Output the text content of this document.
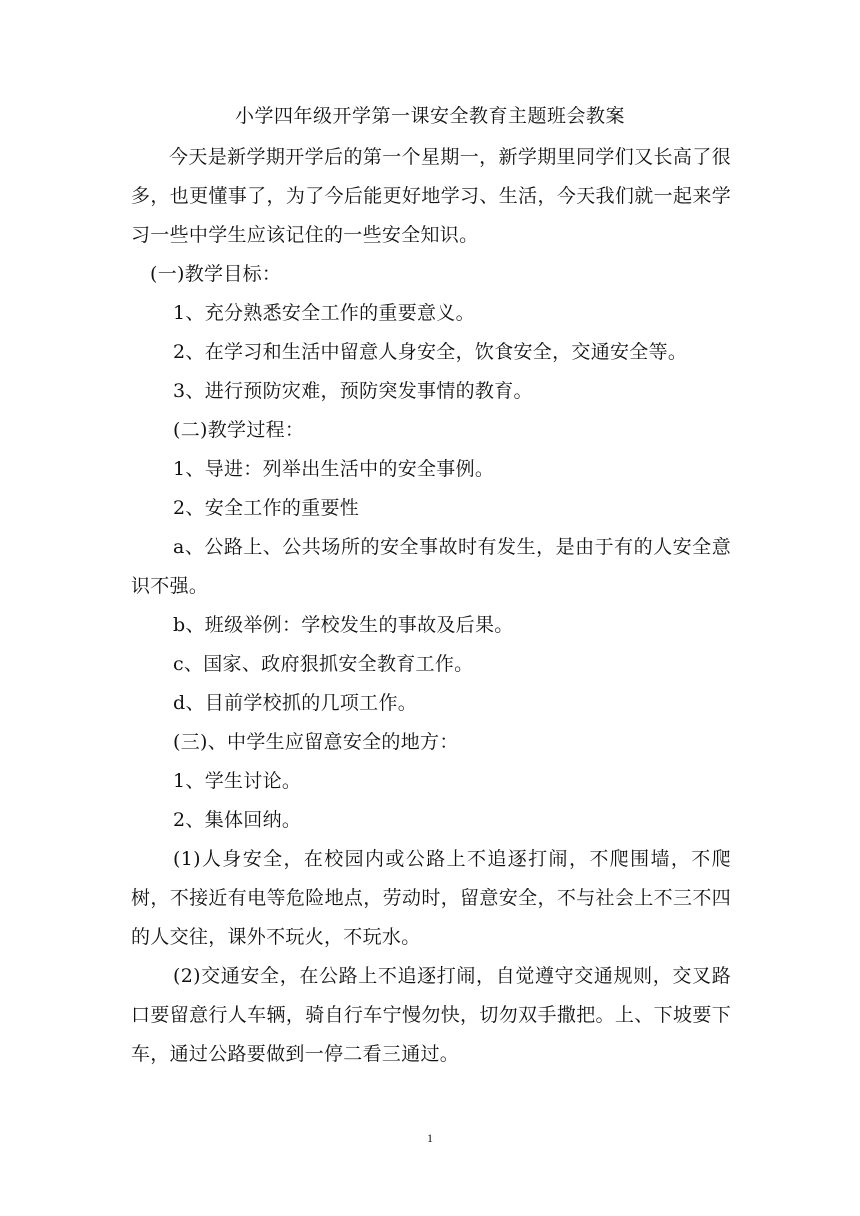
小学四年级开学第一课安全教育主题班会教案

今天是新学期开学后的第一个星期一，新学期里同学们又长高了很多，也更懂事了，为了今后能更好地学习、生活，今天我们就一起来学习一些中学生应该记住的一些安全知识。

(一)教学目标：

1、充分熟悉安全工作的重要意义。

2、在学习和生活中留意人身安全，饮食安全，交通安全等。

3、进行预防灾难，预防突发事情的教育。

(二)教学过程：

1、导进：列举出生活中的安全事例。

2、安全工作的重要性

a、公路上、公共场所的安全事故时有发生，是由于有的人安全意识不强。

b、班级举例：学校发生的事故及后果。

c、国家、政府狠抓安全教育工作。

d、目前学校抓的几项工作。

(三)、中学生应留意安全的地方：

1、学生讨论。

2、集体回纳。

(1)人身安全，在校园内或公路上不追逐打闹，不爬围墙，不爬树，不接近有电等危险地点，劳动时，留意安全，不与社会上不三不四的人交往，课外不玩火，不玩水。

(2)交通安全，在公路上不追逐打闹，自觉遵守交通规则，交叉路口要留意行人车辆，骑自行车宁慢勿快，切勿双手撒把。上、下坡要下车，通过公路要做到一停二看三通过。

1
